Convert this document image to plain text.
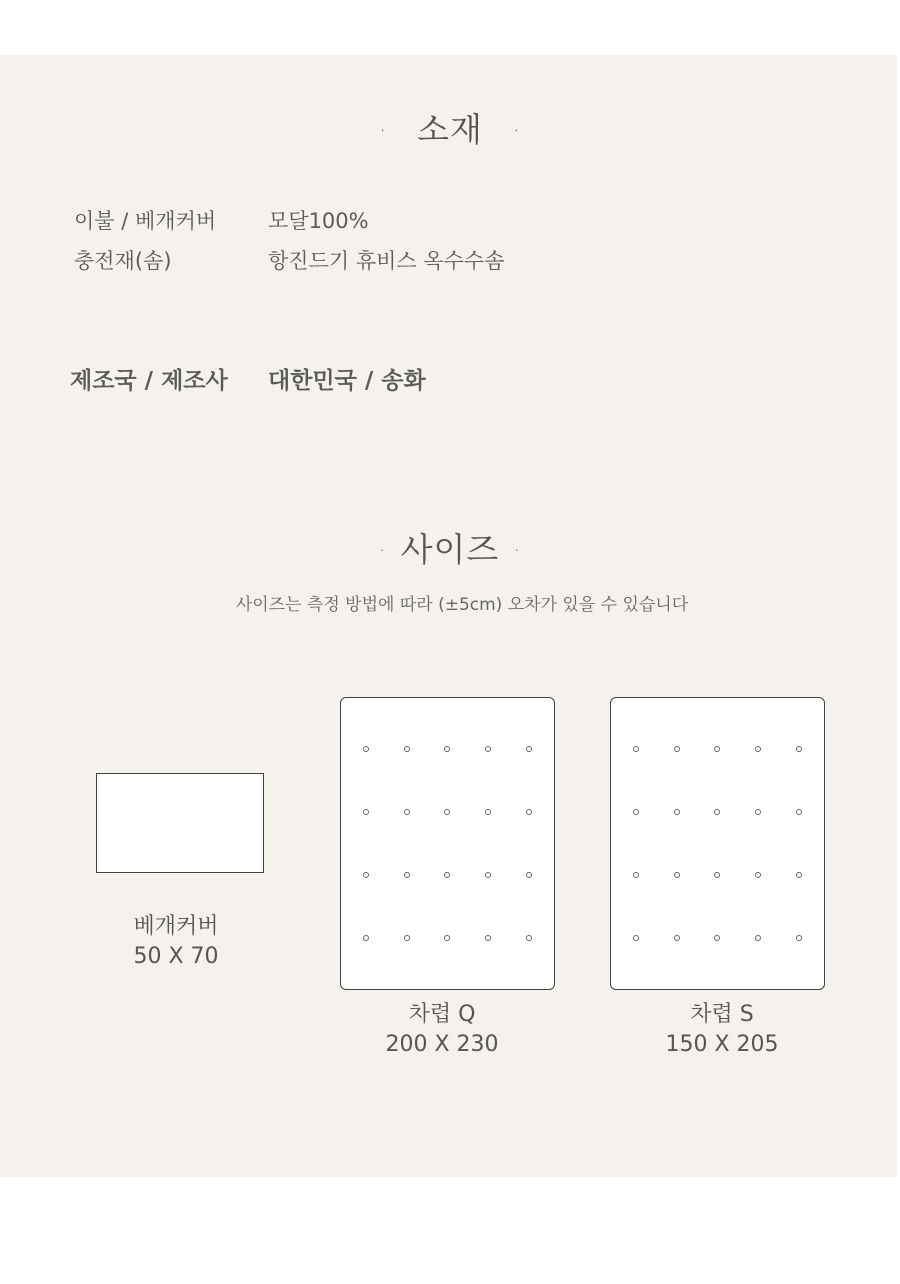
· 소재 ·
이불 / 베개커버 모달100%
충전재(솜)	항진드기 휴비스 옥수수솜
제조국 / 제조사 대한민국 / 송화
· 사이즈 ·
사이즈는 측정 방법에 따라 (±5cm) 오차가 있을 수 있습니다
베개커버
50 X 70
차렵 Q
200 X 230
차렵 S
150 X 205
